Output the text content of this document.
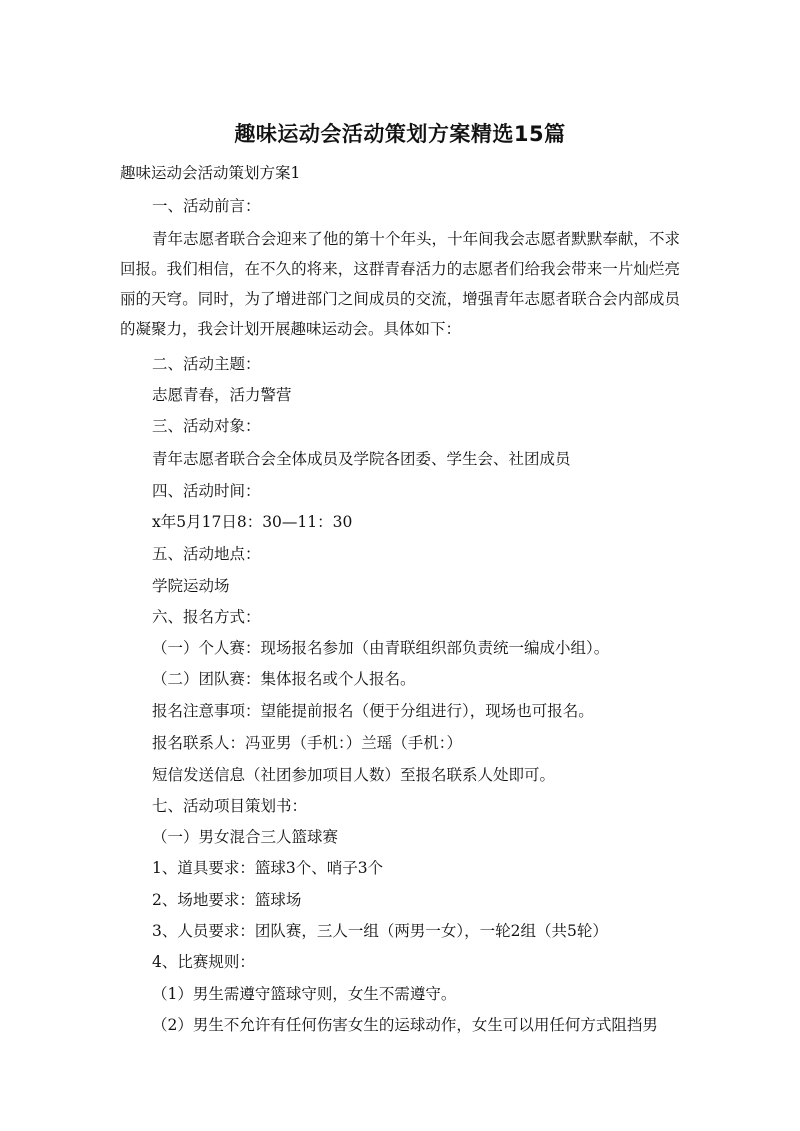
趣味运动会活动策划方案精选15篇
趣味运动会活动策划方案1
一、活动前言：
青年志愿者联合会迎来了他的第十个年头，十年间我会志愿者默默奉献，不求回报。我们相信，在不久的将来，这群青春活力的志愿者们给我会带来一片灿烂亮丽的天穹。同时，为了增进部门之间成员的交流，增强青年志愿者联合会内部成员的凝聚力，我会计划开展趣味运动会。具体如下：
二、活动主题：
志愿青春，活力警营
三、活动对象：
青年志愿者联合会全体成员及学院各团委、学生会、社团成员
四、活动时间：
x年5月17日8：30—11：30
五、活动地点：
学院运动场
六、报名方式：
（一）个人赛：现场报名参加（由青联组织部负责统一编成小组）。
（二）团队赛：集体报名或个人报名。
报名注意事项：望能提前报名（便于分组进行），现场也可报名。
报名联系人：冯亚男（手机：）兰瑶（手机：）
短信发送信息（社团参加项目人数）至报名联系人处即可。
七、活动项目策划书：
（一）男女混合三人篮球赛
1、道具要求：篮球3个、哨子3个
2、场地要求：篮球场
3、人员要求：团队赛，三人一组（两男一女），一轮2组（共5轮）
4、比赛规则：
（1）男生需遵守篮球守则，女生不需遵守。
（2）男生不允许有任何伤害女生的运球动作，女生可以用任何方式阻挡男
